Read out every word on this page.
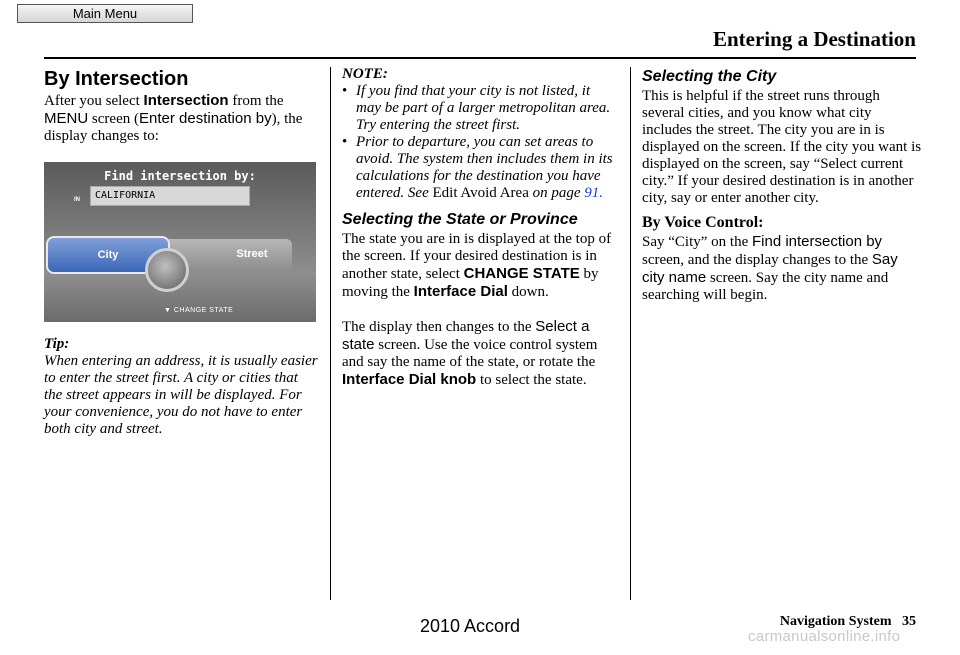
Main Menu
Entering a Destination
By Intersection

After you select Intersection from the MENU screen (Enter destination by), the display changes to:

Find intersection by:
IN	CALIFORNIA
City	Street
▼ CHANGE STATE

Tip:

When entering an address, it is usually easier to enter the street first. A city or cities that the street appears in will be displayed. For your convenience, you do not have to enter both city and street.

NOTE:

• If you find that your city is not listed, it may be part of a larger metropolitan area. Try entering the street first.
• Prior to departure, you can set areas to avoid. The system then includes them in its calculations for the destination you have entered. See Edit Avoid Area on page 91.
Selecting the State or Province

The state you are in is displayed at the top of the screen. If your desired destination is in another state, select CHANGE STATE by moving the Interface Dial down.

The display then changes to the Select a state screen. Use the voice control system and say the name of the state, or rotate the Interface Dial knob to select the state.

Selecting the City

This is helpful if the street runs through several cities, and you know what city includes the street. The city you are in is displayed on the screen. If the city you want is displayed on the screen, say “Select current city.” If your desired destination is in another city, say or enter another city.

By Voice Control:

Say “City” on the Find intersection by screen, and the display changes to the Say city name screen. Say the city name and searching will begin.

Navigation System 35
2010 Accord
carmanualsonline.info
